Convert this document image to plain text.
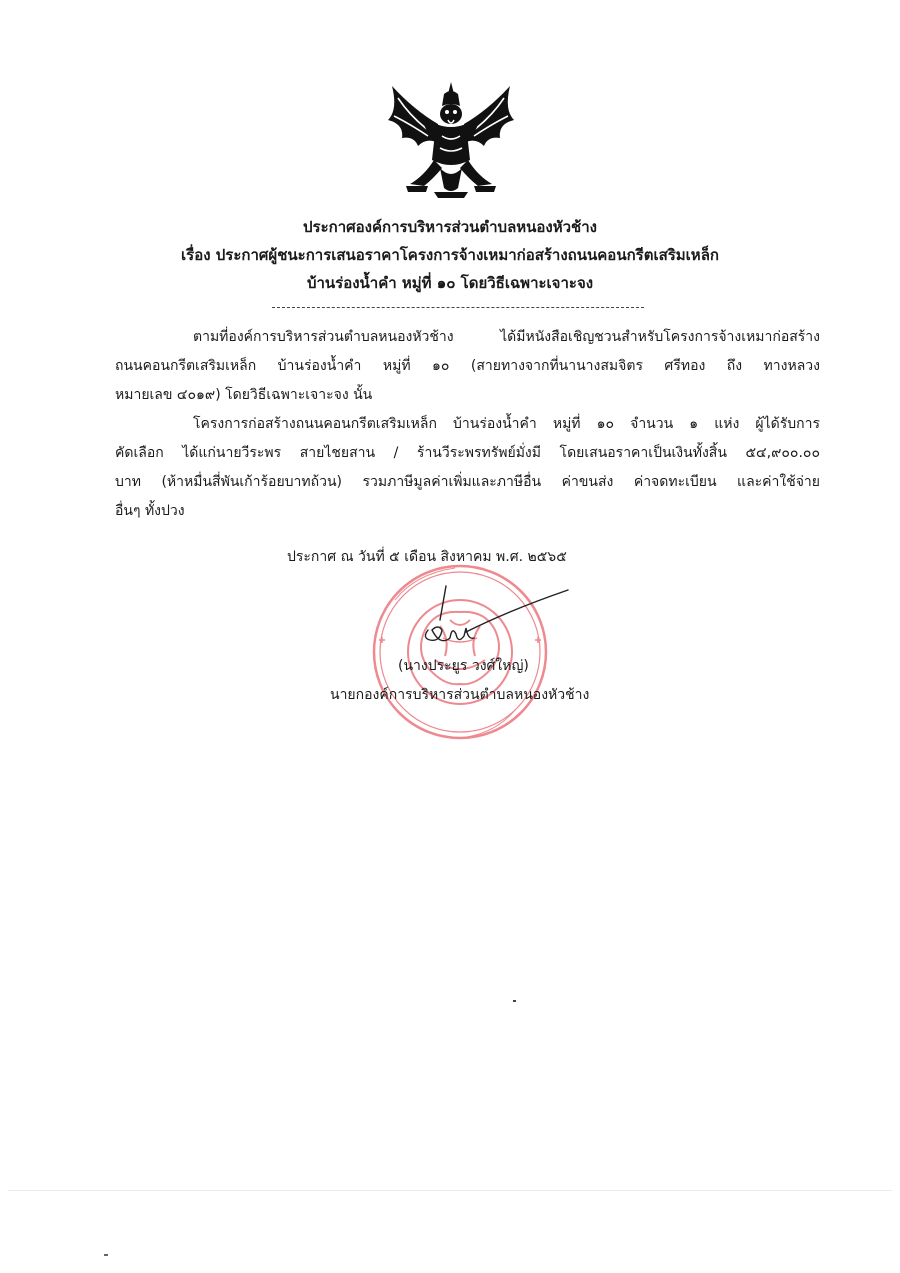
ประกาศองค์การบริหารส่วนตำบลหนองหัวช้าง
เรื่อง ประกาศผู้ชนะการเสนอราคาโครงการจ้างเหมาก่อสร้างถนนคอนกรีตเสริมเหล็ก
บ้านร่องน้ำคำ หมู่ที่ ๑๐ โดยวิธีเฉพาะเจาะจง
ตามที่องค์การบริหารส่วนตำบลหนองหัวช้าง ได้มีหนังสือเชิญชวนสำหรับโครงการจ้างเหมาก่อสร้าง
ถนนคอนกรีตเสริมเหล็ก บ้านร่องน้ำคำ หมู่ที่ ๑๐ (สายทางจากที่นานางสมจิตร ศรีทอง ถึง ทางหลวง
หมายเลข ๔๐๑๙) โดยวิธีเฉพาะเจาะจง นั้น
โครงการก่อสร้างถนนคอนกรีตเสริมเหล็ก บ้านร่องน้ำคำ หมู่ที่ ๑๐ จำนวน ๑ แห่ง ผู้ได้รับการ
คัดเลือก ได้แก่นายวีระพร สายไชยสาน / ร้านวีระพรทรัพย์มั่งมี โดยเสนอราคาเป็นเงินทั้งสิ้น ๕๔,๙๐๐.๐๐
บาท (ห้าหมื่นสี่พันเก้าร้อยบาทถ้วน) รวมภาษีมูลค่าเพิ่มและภาษีอื่น ค่าขนส่ง ค่าจดทะเบียน และค่าใช้จ่าย
อื่นๆ ทั้งปวง
ประกาศ ณ วันที่ ๕ เดือน สิงหาคม พ.ศ. ๒๕๖๕
(นางประยูร วงศ์ใหญ่)
นายกองค์การบริหารส่วนตำบลหนองหัวช้าง
